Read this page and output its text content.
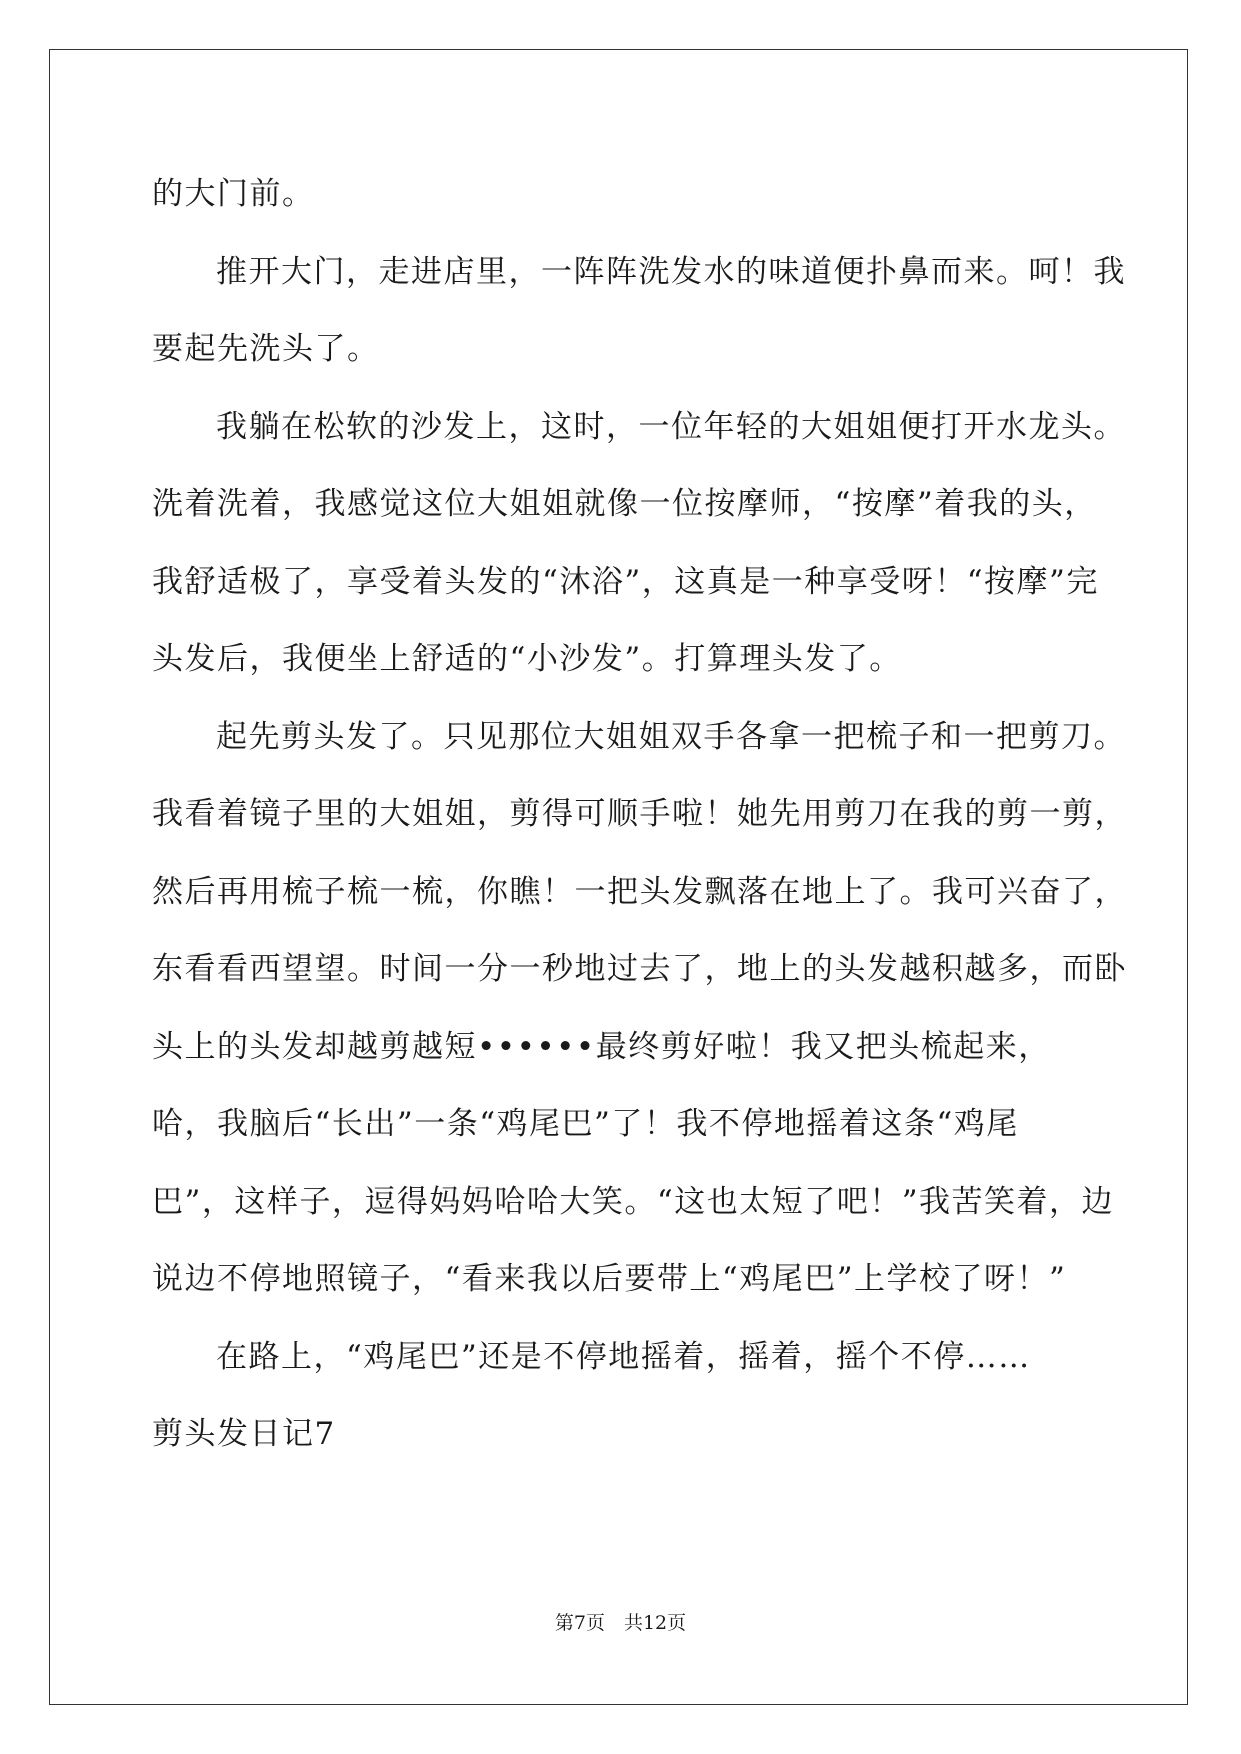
的大门前。
推开大门，走进店里，一阵阵洗发水的味道便扑鼻而来。呵！我
要起先洗头了。
我躺在松软的沙发上，这时，一位年轻的大姐姐便打开水龙头。
洗着洗着，我感觉这位大姐姐就像一位按摩师，“按摩”着我的头，
我舒适极了，享受着头发的“沐浴”，这真是一种享受呀！“按摩”完
头发后，我便坐上舒适的“小沙发”。打算理头发了。
起先剪头发了。只见那位大姐姐双手各拿一把梳子和一把剪刀。
我看着镜子里的大姐姐，剪得可顺手啦！她先用剪刀在我的剪一剪，
然后再用梳子梳一梳，你瞧！一把头发飘落在地上了。我可兴奋了，
东看看西望望。时间一分一秒地过去了，地上的头发越积越多，而卧
头上的头发却越剪越短••••••最终剪好啦！我又把头梳起来，
哈，我脑后“长出”一条“鸡尾巴”了！我不停地摇着这条“鸡尾
巴”，这样子，逗得妈妈哈哈大笑。“这也太短了吧！”我苦笑着，边
说边不停地照镜子，“看来我以后要带上“鸡尾巴”上学校了呀！”
在路上，“鸡尾巴”还是不停地摇着，摇着，摇个不停……
剪头发日记7
第7页　共12页
